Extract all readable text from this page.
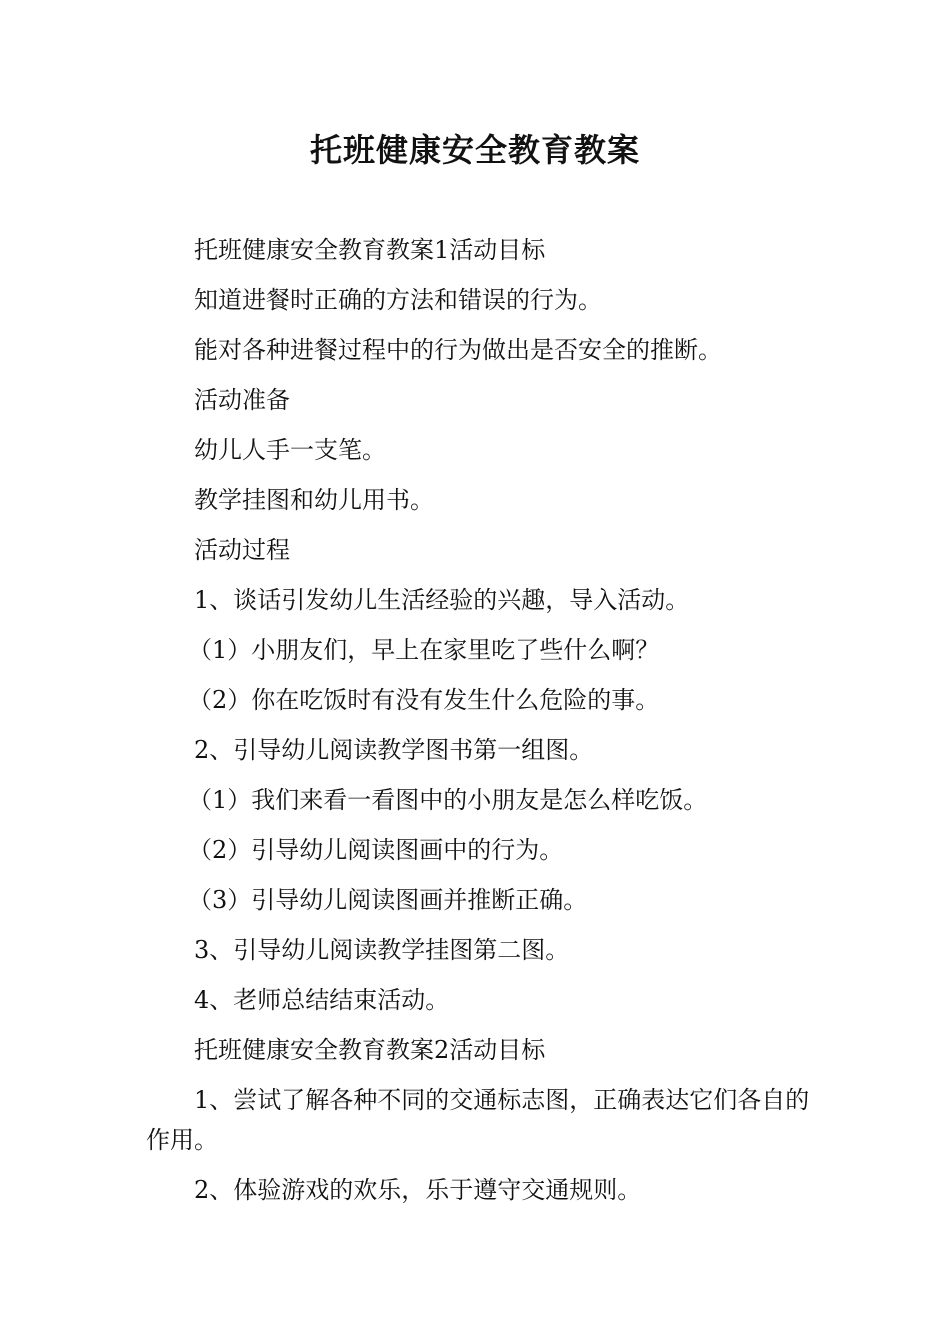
托班健康安全教育教案

托班健康安全教育教案1活动目标

知道进餐时正确的方法和错误的行为。

能对各种进餐过程中的行为做出是否安全的推断。

活动准备

幼儿人手一支笔。

教学挂图和幼儿用书。

活动过程

1、谈话引发幼儿生活经验的兴趣，导入活动。

（1）小朋友们，早上在家里吃了些什么啊？

（2）你在吃饭时有没有发生什么危险的事。

2、引导幼儿阅读教学图书第一组图。

（1）我们来看一看图中的小朋友是怎么样吃饭。

（2）引导幼儿阅读图画中的行为。

（3）引导幼儿阅读图画并推断正确。

3、引导幼儿阅读教学挂图第二图。

4、老师总结结束活动。

托班健康安全教育教案2活动目标

1、尝试了解各种不同的交通标志图，正确表达它们各自的作用。

2、体验游戏的欢乐，乐于遵守交通规则。
